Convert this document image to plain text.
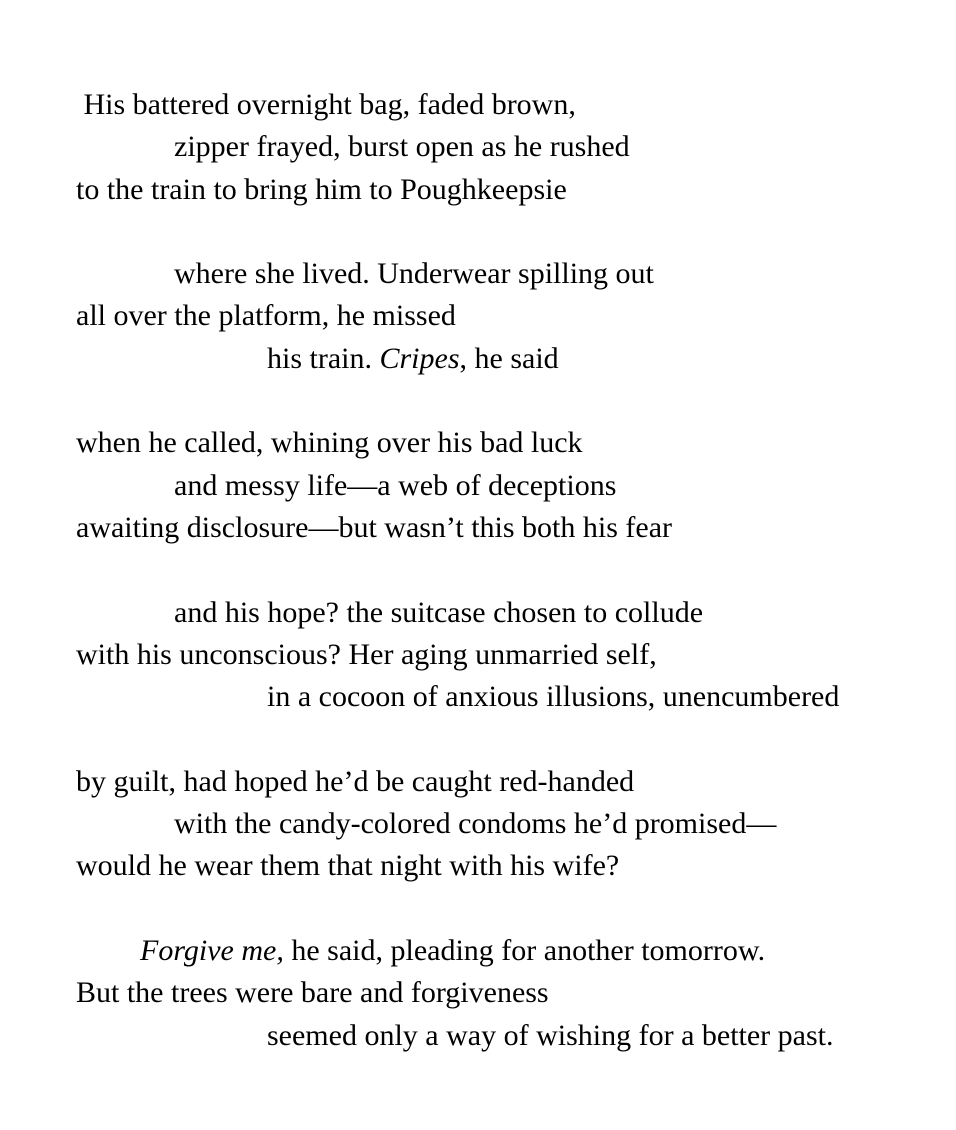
His battered overnight bag, faded brown,
zipper frayed, burst open as he rushed
to the train to bring him to Poughkeepsie
where she lived. Underwear spilling out
all over the platform, he missed
his train. Cripes, he said
when he called, whining over his bad luck
and messy life—a web of deceptions
awaiting disclosure—but wasn’t this both his fear
and his hope? the suitcase chosen to collude
with his unconscious? Her aging unmarried self,
in a cocoon of anxious illusions, unencumbered
by guilt, had hoped he’d be caught red-handed
with the candy-colored condoms he’d promised—
would he wear them that night with his wife?
Forgive me, he said, pleading for another tomorrow.
But the trees were bare and forgiveness
seemed only a way of wishing for a better past.
